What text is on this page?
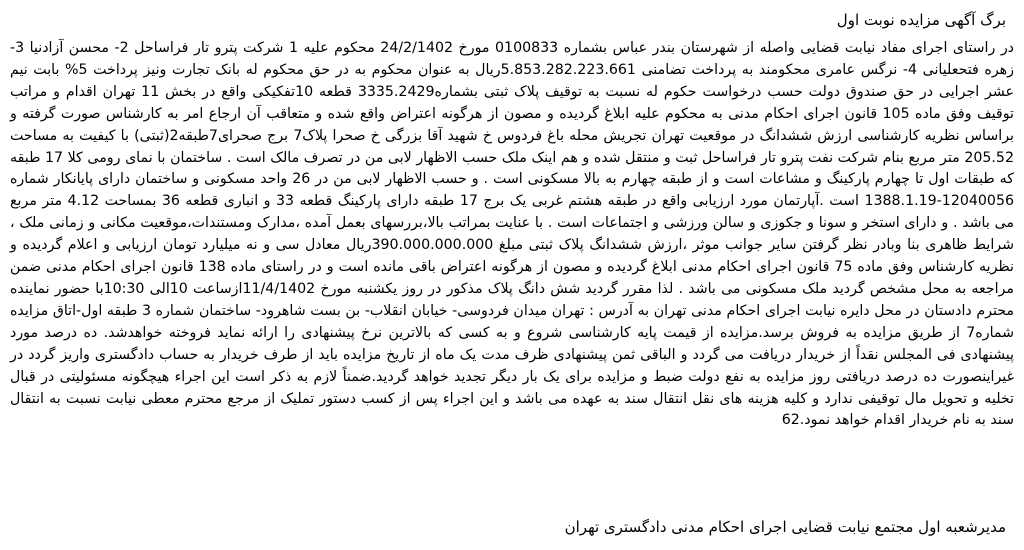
برگ آگهی مزایده نوبت اول

در راستای اجرای مفاد نیابت قضایی واصله از شهرستان بندر عباس بشماره 0100833 مورخ 24/2/1402 محکوم علیه 1 شرکت پترو تار فراساحل 2- محسن آزادنیا 3- زهره فتحعلیانی 4- نرگس عامری محکومند به پرداخت تضامنی 5.853.282.223.661ریال به عنوان محکوم به در حق محکوم له بانک تجارت ونیز پرداخت 5% بابت نیم عشر اجرایی در حق صندوق دولت حسب درخواست حکوم له نسبت به توقیف پلاک ثبتی بشماره3335.2429 قطعه 10تفکیکی واقع در بخش 11 تهران اقدام و مراتب توقیف وفق ماده 105 قانون اجرای احکام مدنی به محکوم علیه ابلاغ گردیده و مصون از هرگونه اعتراض واقع شده و متعاقب آن ارجاع امر به کارشناس صورت گرفته و براساس نظریه کارشناسی ارزش ششدانگ در موقعیت تهران تجریش محله باغ فردوس خ شهید آقا بزرگی خ صحرا پلاک7 برج صحرای7طبقه2(ثبتی) با کیفیت به مساحت 205.52 متر مربع بنام شرکت نفت پترو تار فراساحل ثبت و منتقل شده و هم اینک ملک حسب الاظهار لابی من در تصرف مالک است . ساختمان با نمای رومی کلا 17 طبقه که طبقات اول تا چهارم پارکینگ و مشاعات است و از طبقه چهارم به بالا مسکونی است . و حسب الاظهار لابی من در 26 واحد مسکونی و ساختمان دارای پایانکار شماره 12040056-1388.1.19 است .آپارتمان مورد ارزیابی واقع در طبقه هشتم غربی یک برج 17 طبقه دارای پارکینگ قطعه 33 و انباری قطعه 36 بمساحت 4.12 متر مربع می باشد . و دارای استخر و سونا و جکوزی و سالن ورزشی و اجتماعات است . با عنایت بمراتب بالا،بررسهای بعمل آمده ،مدارک ومستندات،موقعیت مکانی و زمانی ملک ، شرایط ظاهری بنا وبادر نظر گرفتن سایر جوانب موثر ،ارزش ششدانگ پلاک ثبتی مبلغ 390.000.000.000ریال معادل سی و نه میلیارد تومان ارزیابی و اعلام گردیده و نظریه کارشناس وفق ماده 75 قانون اجرای احکام مدنی ابلاغ گردیده و مصون از هرگونه اعتراض باقی مانده است و در راستای ماده 138 قانون اجرای احکام مدنی ضمن مراجعه به محل مشخص گردید ملک مسکونی می باشد . لذا مقرر گردید شش دانگ پلاک مذکور در روز یکشنبه مورخ 11/4/1402ازساعت 10الی 10:30با حضور نماینده محترم دادستان در محل دایره نیابت اجرای احکام مدنی تهران به آدرس : تهران میدان فردوسی- خیابان انقلاب- بن بست شاهرود- ساختمان شماره 3 طبقه اول-اتاق مزایده شماره7 از طریق مزایده به فروش برسد.مزایده از قیمت پایه کارشناسی شروع و به کسی که بالاترین نرخ پیشنهادی را ارائه نماید فروخته خواهدشد. ده درصد مورد پیشنهادی فی المجلس نقداً از خریدار دریافت می گردد و الباقی ثمن پیشنهادی ظرف مدت یک ماه از تاریخ مزایده باید از طرف خریدار به حساب دادگستری واریز گردد در غیراینصورت ده درصد دریافتی روز مزایده به نفع دولت ضبط و مزایده برای یک بار دیگر تجدید خواهد گردید.ضمناً لازم به ذکر است این اجراء هیچگونه مسئولیتی در قبال تخلیه و تحویل مال توقیفی ندارد و کلیه هزینه های نقل انتقال سند به عهده می باشد و این اجراء پس از کسب دستور تملیک از مرجع محترم معطی نیابت نسبت به انتقال سند به نام خریدار اقدام خواهد نمود.62

مدیرشعبه اول مجتمع نیابت قضایی اجرای احکام مدنی دادگستری تهران
